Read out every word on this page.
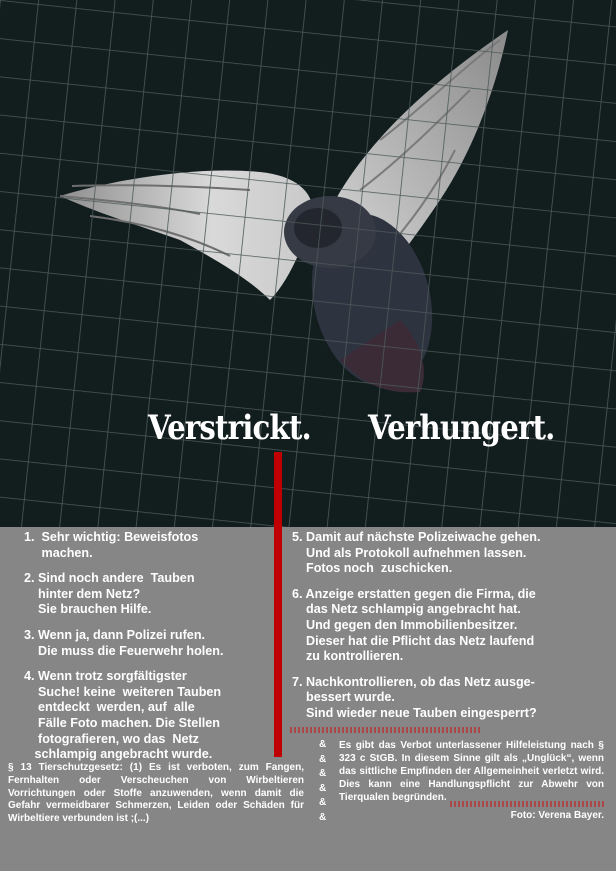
Verstrickt. Verhungert.
1.  Sehr wichtig: Beweisfotos
machen.
2. Sind noch andere  Tauben
hinter dem Netz?
Sie brauchen Hilfe.
3. Wenn ja, dann Polizei rufen.
Die muss die Feuerwehr holen.
4. Wenn trotz sorgfältigster
Suche! keine  weiteren Tauben
entdeckt  werden, auf  alle
Fälle Foto machen. Die Stellen
fotografieren, wo das  Netz
schlampig angebracht wurde.
5. Damit auf nächste Polizeiwache gehen.
Und als Protokoll aufnehmen lassen.
Fotos noch  zuschicken.
6. Anzeige erstatten gegen die Firma, die
das Netz schlampig angebracht hat.
Und gegen den Immobilienbesitzer.
Dieser hat die Pflicht das Netz laufend
zu kontrollieren.
7. Nachkontrollieren, ob das Netz ausge-
bessert wurde.
Sind wieder neue Tauben eingesperrt?
§ 13 Tierschutzgesetz: (1) Es ist verboten, zum Fangen, Fernhalten oder Verscheuchen von Wirbeltieren Vorrichtungen oder Stoffe anzuwenden, wenn damit die Gefahr vermeidbarer Schmerzen, Leiden oder Schäden für Wirbeltiere verbunden ist ;(...)
&
&
&
&
&
&
Es gibt das Verbot unterlassener Hilfeleistung nach § 323 c StGB. In diesem Sinne gilt als „Unglück“, wenn das sittliche Empfinden der Allgemeinheit verletzt wird. Dies kann eine Handlungspflicht zur Abwehr von Tierqualen begründen.
Foto: Verena Bayer.
